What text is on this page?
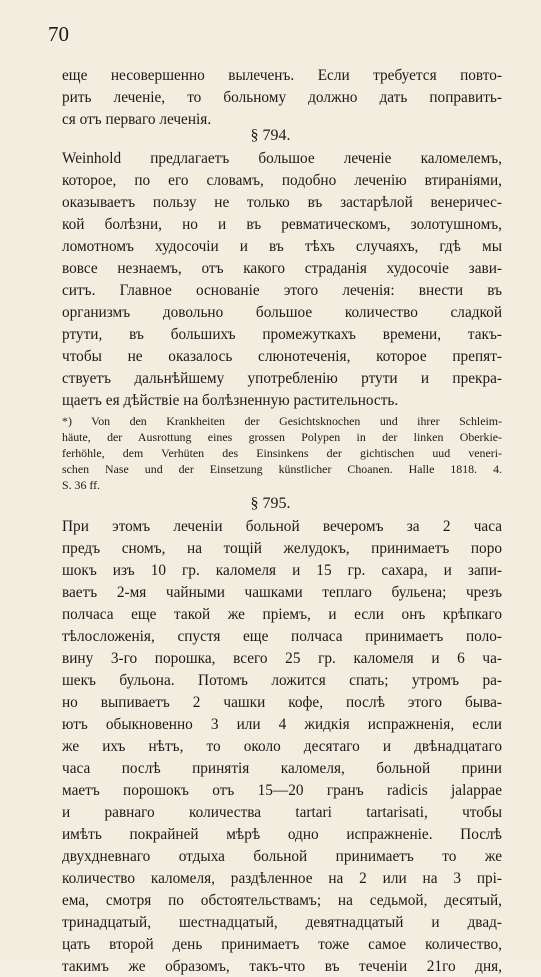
70
еще несовершенно вылеченъ. Если требуется повто-
рить леченіе, то больному должно дать поправить-
ся отъ перваго леченія.
§ 794.
Weinhold предлагаетъ большое леченіе каломелемъ,
которое, по его словамъ, подобно леченію втираніями,
оказываетъ пользу не только въ застарѣлой венеричес-
кой болѣзни, но и въ ревматическомъ, золотушномъ,
ломотномъ худосочіи и въ тѣхъ случаяхъ, гдѣ мы
вовсе незнаемъ, отъ какого страданія худосочіе зави-
ситъ. Главное основаніе этого леченія: внести въ
организмъ довольно большое количество сладкой
ртути, въ большихъ промежуткахъ времени, такъ-
чтобы не оказалось слюнотеченія, которое препят-
ствуетъ дальнѣйшему употребленію ртути и прекра-
щаетъ ея дѣйствіе на болѣзненную растительность.
*) Von den Krankheiten der Gesichtsknochen und ihrer Schleim-
häute, der Ausrottung eines grossen Polypen in der linken Oberkie-
ferhöhle, dem Verhüten des Einsinkens der gichtischen uud veneri-
schen Nase und der Einsetzung künstlicher Choanen. Halle 1818. 4.
S. 36 ff.
§ 795.
При этомъ леченіи больной вечеромъ за 2 часа
предъ сномъ, на тощій желудокъ, принимаетъ поро
шокъ изъ 10 гр. каломеля и 15 гр. сахара, и запи-
ваетъ 2-мя чайными чашками теплаго бульена; чрезъ
полчаса еще такой же пріемъ, и если онъ крѣпкаго
тѣлосложенія, спустя еще полчаса принимаетъ поло-
вину 3-го порошка, всего 25 гр. каломеля и 6 ча-
шекъ бульона. Потомъ ложится спать; утромъ ра-
но выпиваетъ 2 чашки кофе, послѣ этого быва-
ютъ обыкновенно 3 или 4 жидкія испражненія, если
же ихъ нѣтъ, то около десятаго и двѣнадцатаго
часа послѣ принятія каломеля, больной прини
маетъ порошокъ отъ 15—20 гранъ radicis jalappae
и равнаго количества tartari tartarisati, чтобы
имѣть покрайней мѣрѣ одно испражненіе. Послѣ
двухдневнаго отдыха больной принимаетъ то же
количество каломеля, раздѣленное на 2 или на 3 прі-
ема, смотря по обстоятельствамъ; на седьмой, десятый,
тринадцатый, шестнадцатый, девятнадцатый и двад-
цать второй день принимаетъ тоже самое количество,
такимъ же образомъ, такъ-что въ теченіи 21го дня,
